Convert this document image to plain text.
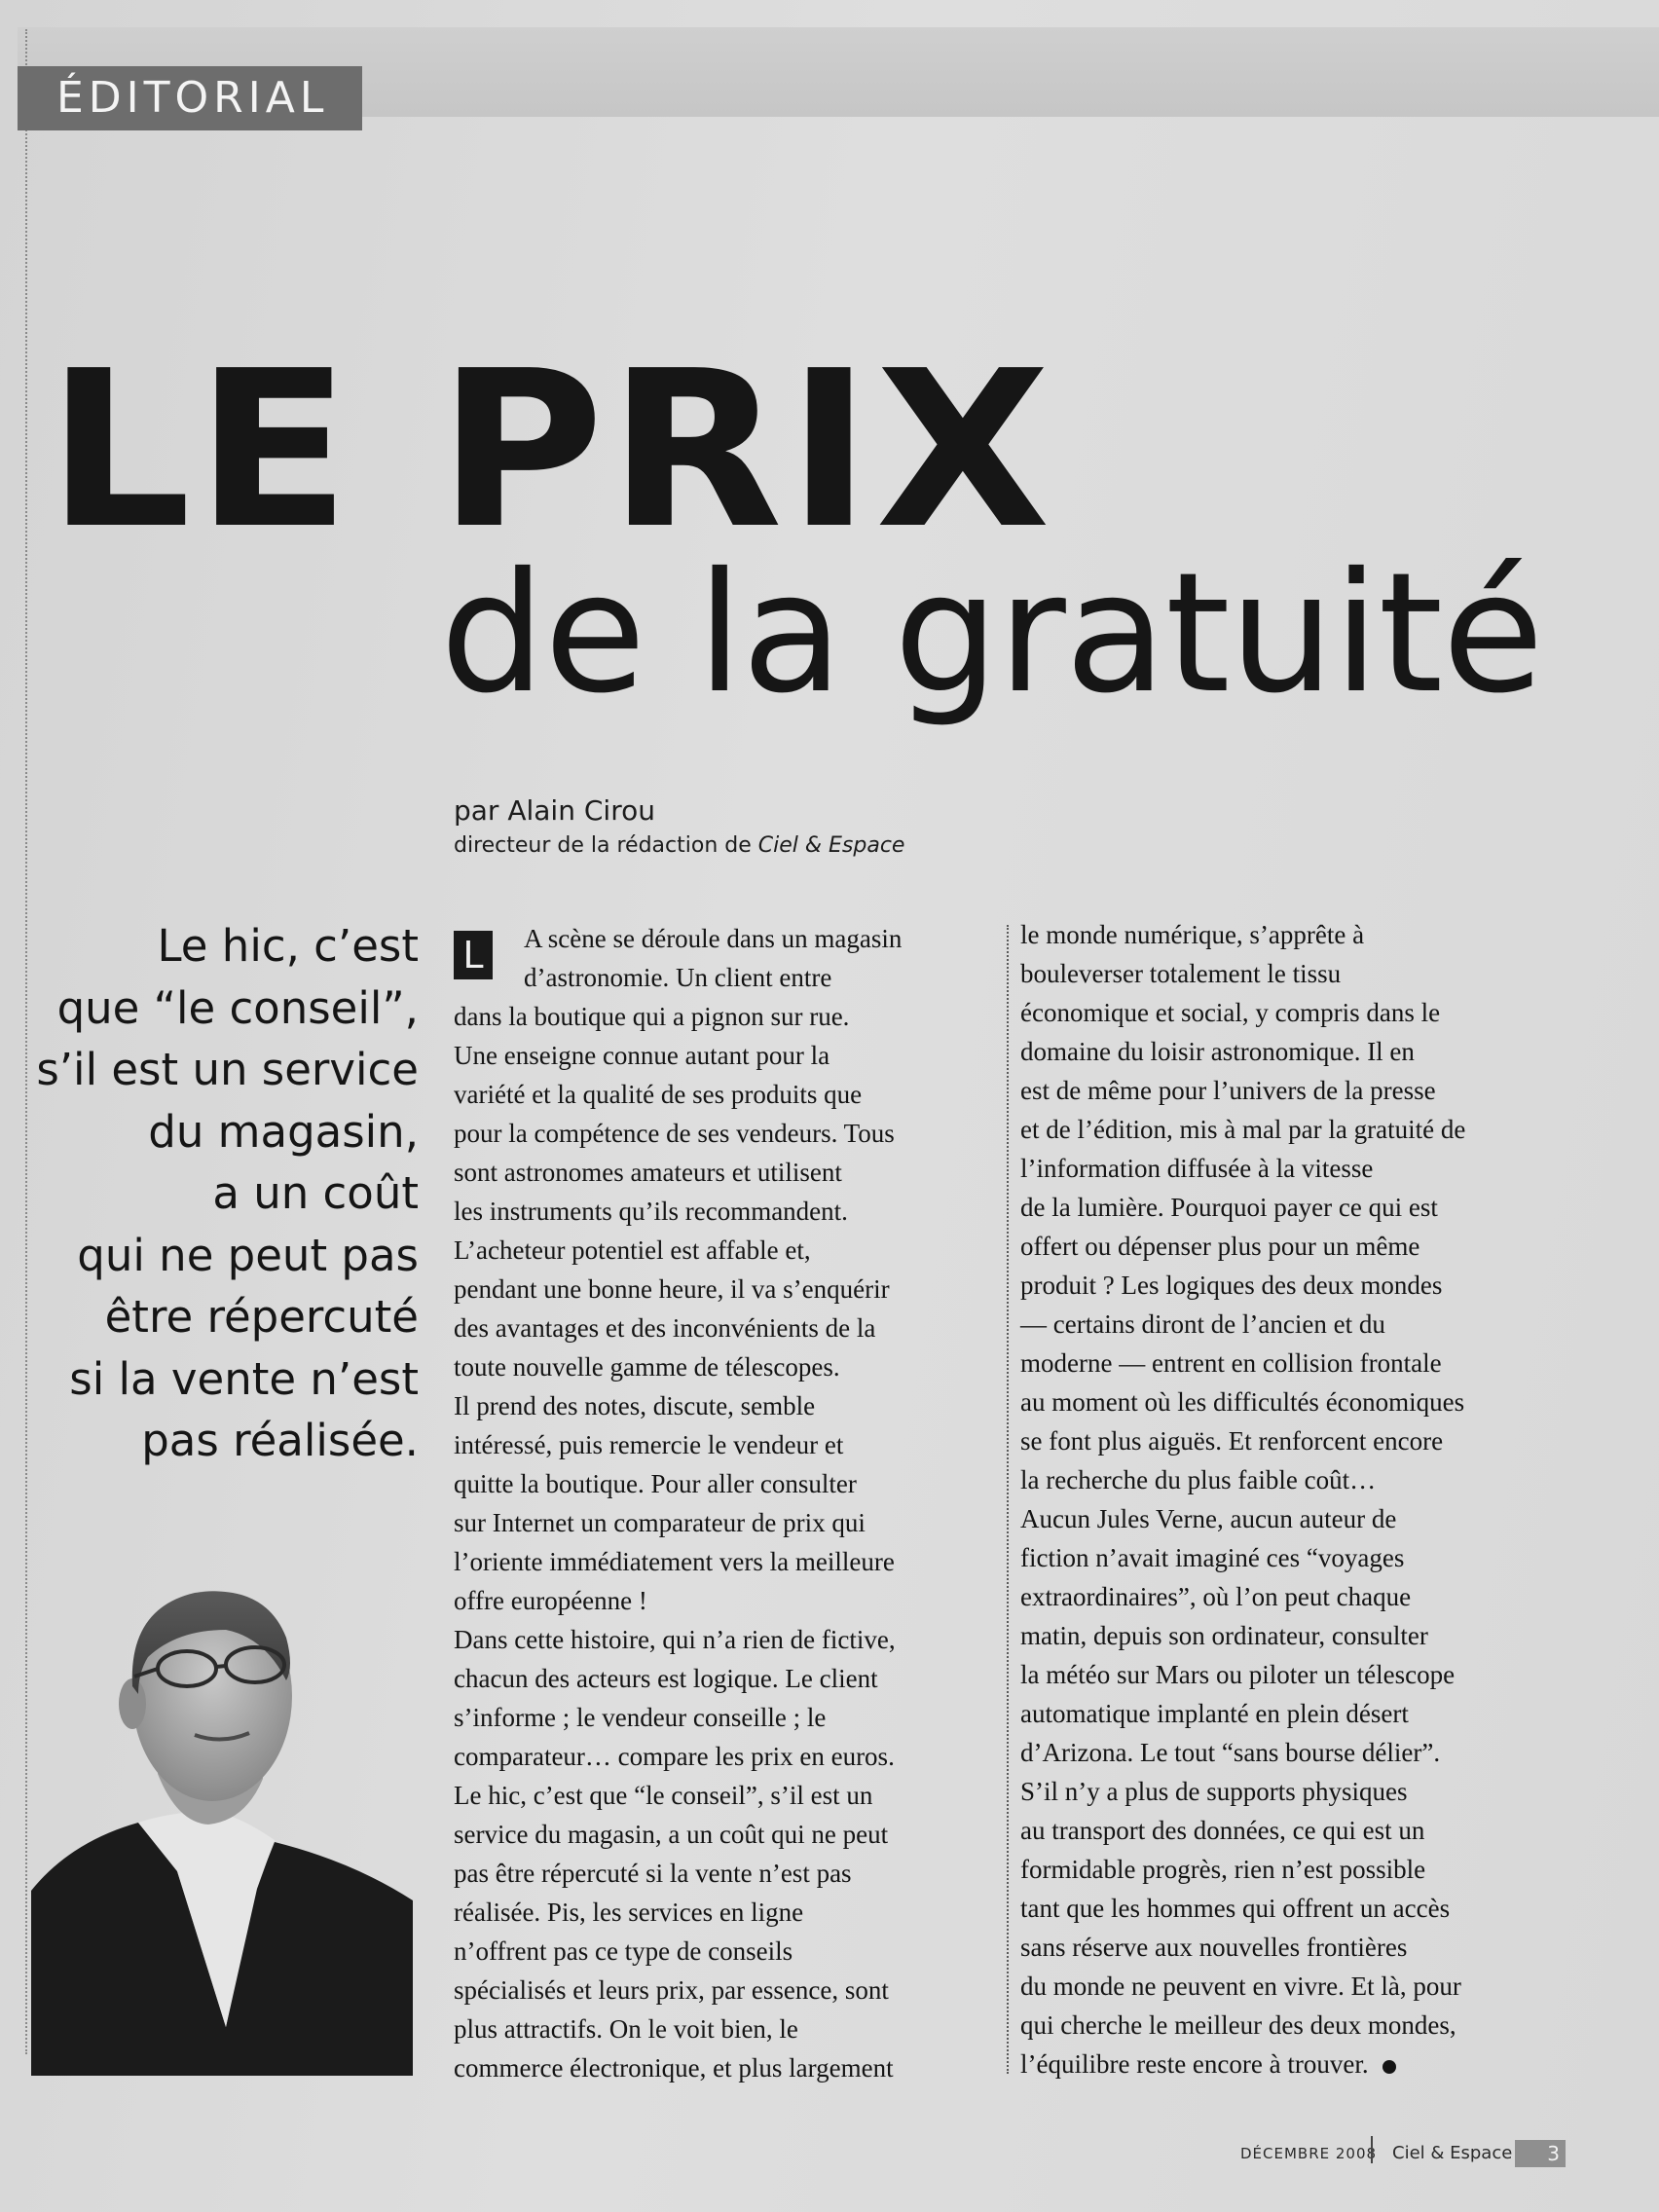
ÉDITORIAL
LE PRIX
de la gratuité
par Alain Cirou
directeur de la rédaction de Ciel & Espace
Le hic, c’est
que “le conseil”,
s’il est un service
du magasin,
a un coût
qui ne peut pas
être répercuté
si la vente n’est
pas réalisée.
L	A scène se déroule dans un magasin
d’astronomie. Un client entre
dans la boutique qui a pignon sur rue.
Une enseigne connue autant pour la
variété et la qualité de ses produits que
pour la compétence de ses vendeurs. Tous
sont astronomes amateurs et utilisent
les instruments qu’ils recommandent.
L’acheteur potentiel est affable et,
pendant une bonne heure, il va s’enquérir
des avantages et des inconvénients de la
toute nouvelle gamme de télescopes.
Il prend des notes, discute, semble
intéressé, puis remercie le vendeur et
quitte la boutique. Pour aller consulter
sur Internet un comparateur de prix qui
l’oriente immédiatement vers la meilleure
offre européenne !
Dans cette histoire, qui n’a rien de fictive,
chacun des acteurs est logique. Le client
s’informe ; le vendeur conseille ; le
comparateur… compare les prix en euros.
Le hic, c’est que “le conseil”, s’il est un
service du magasin, a un coût qui ne peut
pas être répercuté si la vente n’est pas
réalisée. Pis, les services en ligne
n’offrent pas ce type de conseils
spécialisés et leurs prix, par essence, sont
plus attractifs. On le voit bien, le
commerce électronique, et plus largement
le monde numérique, s’apprête à
bouleverser totalement le tissu
économique et social, y compris dans le
domaine du loisir astronomique. Il en
est de même pour l’univers de la presse
et de l’édition, mis à mal par la gratuité de
l’information diffusée à la vitesse
de la lumière. Pourquoi payer ce qui est
offert ou dépenser plus pour un même
produit ? Les logiques des deux mondes
— certains diront de l’ancien et du
moderne — entrent en collision frontale
au moment où les difficultés économiques
se font plus aiguës. Et renforcent encore
la recherche du plus faible coût…
Aucun Jules Verne, aucun auteur de
fiction n’avait imaginé ces “voyages
extraordinaires”, où l’on peut chaque
matin, depuis son ordinateur, consulter
la météo sur Mars ou piloter un télescope
automatique implanté en plein désert
d’Arizona. Le tout “sans bourse délier”.
S’il n’y a plus de supports physiques
au transport des données, ce qui est un
formidable progrès, rien n’est possible
tant que les hommes qui offrent un accès
sans réserve aux nouvelles frontières
du monde ne peuvent en vivre. Et là, pour
qui cherche le meilleur des deux mondes,
l’équilibre reste encore à trouver.
DÉCEMBRE 2008 Ciel & Espace	3
